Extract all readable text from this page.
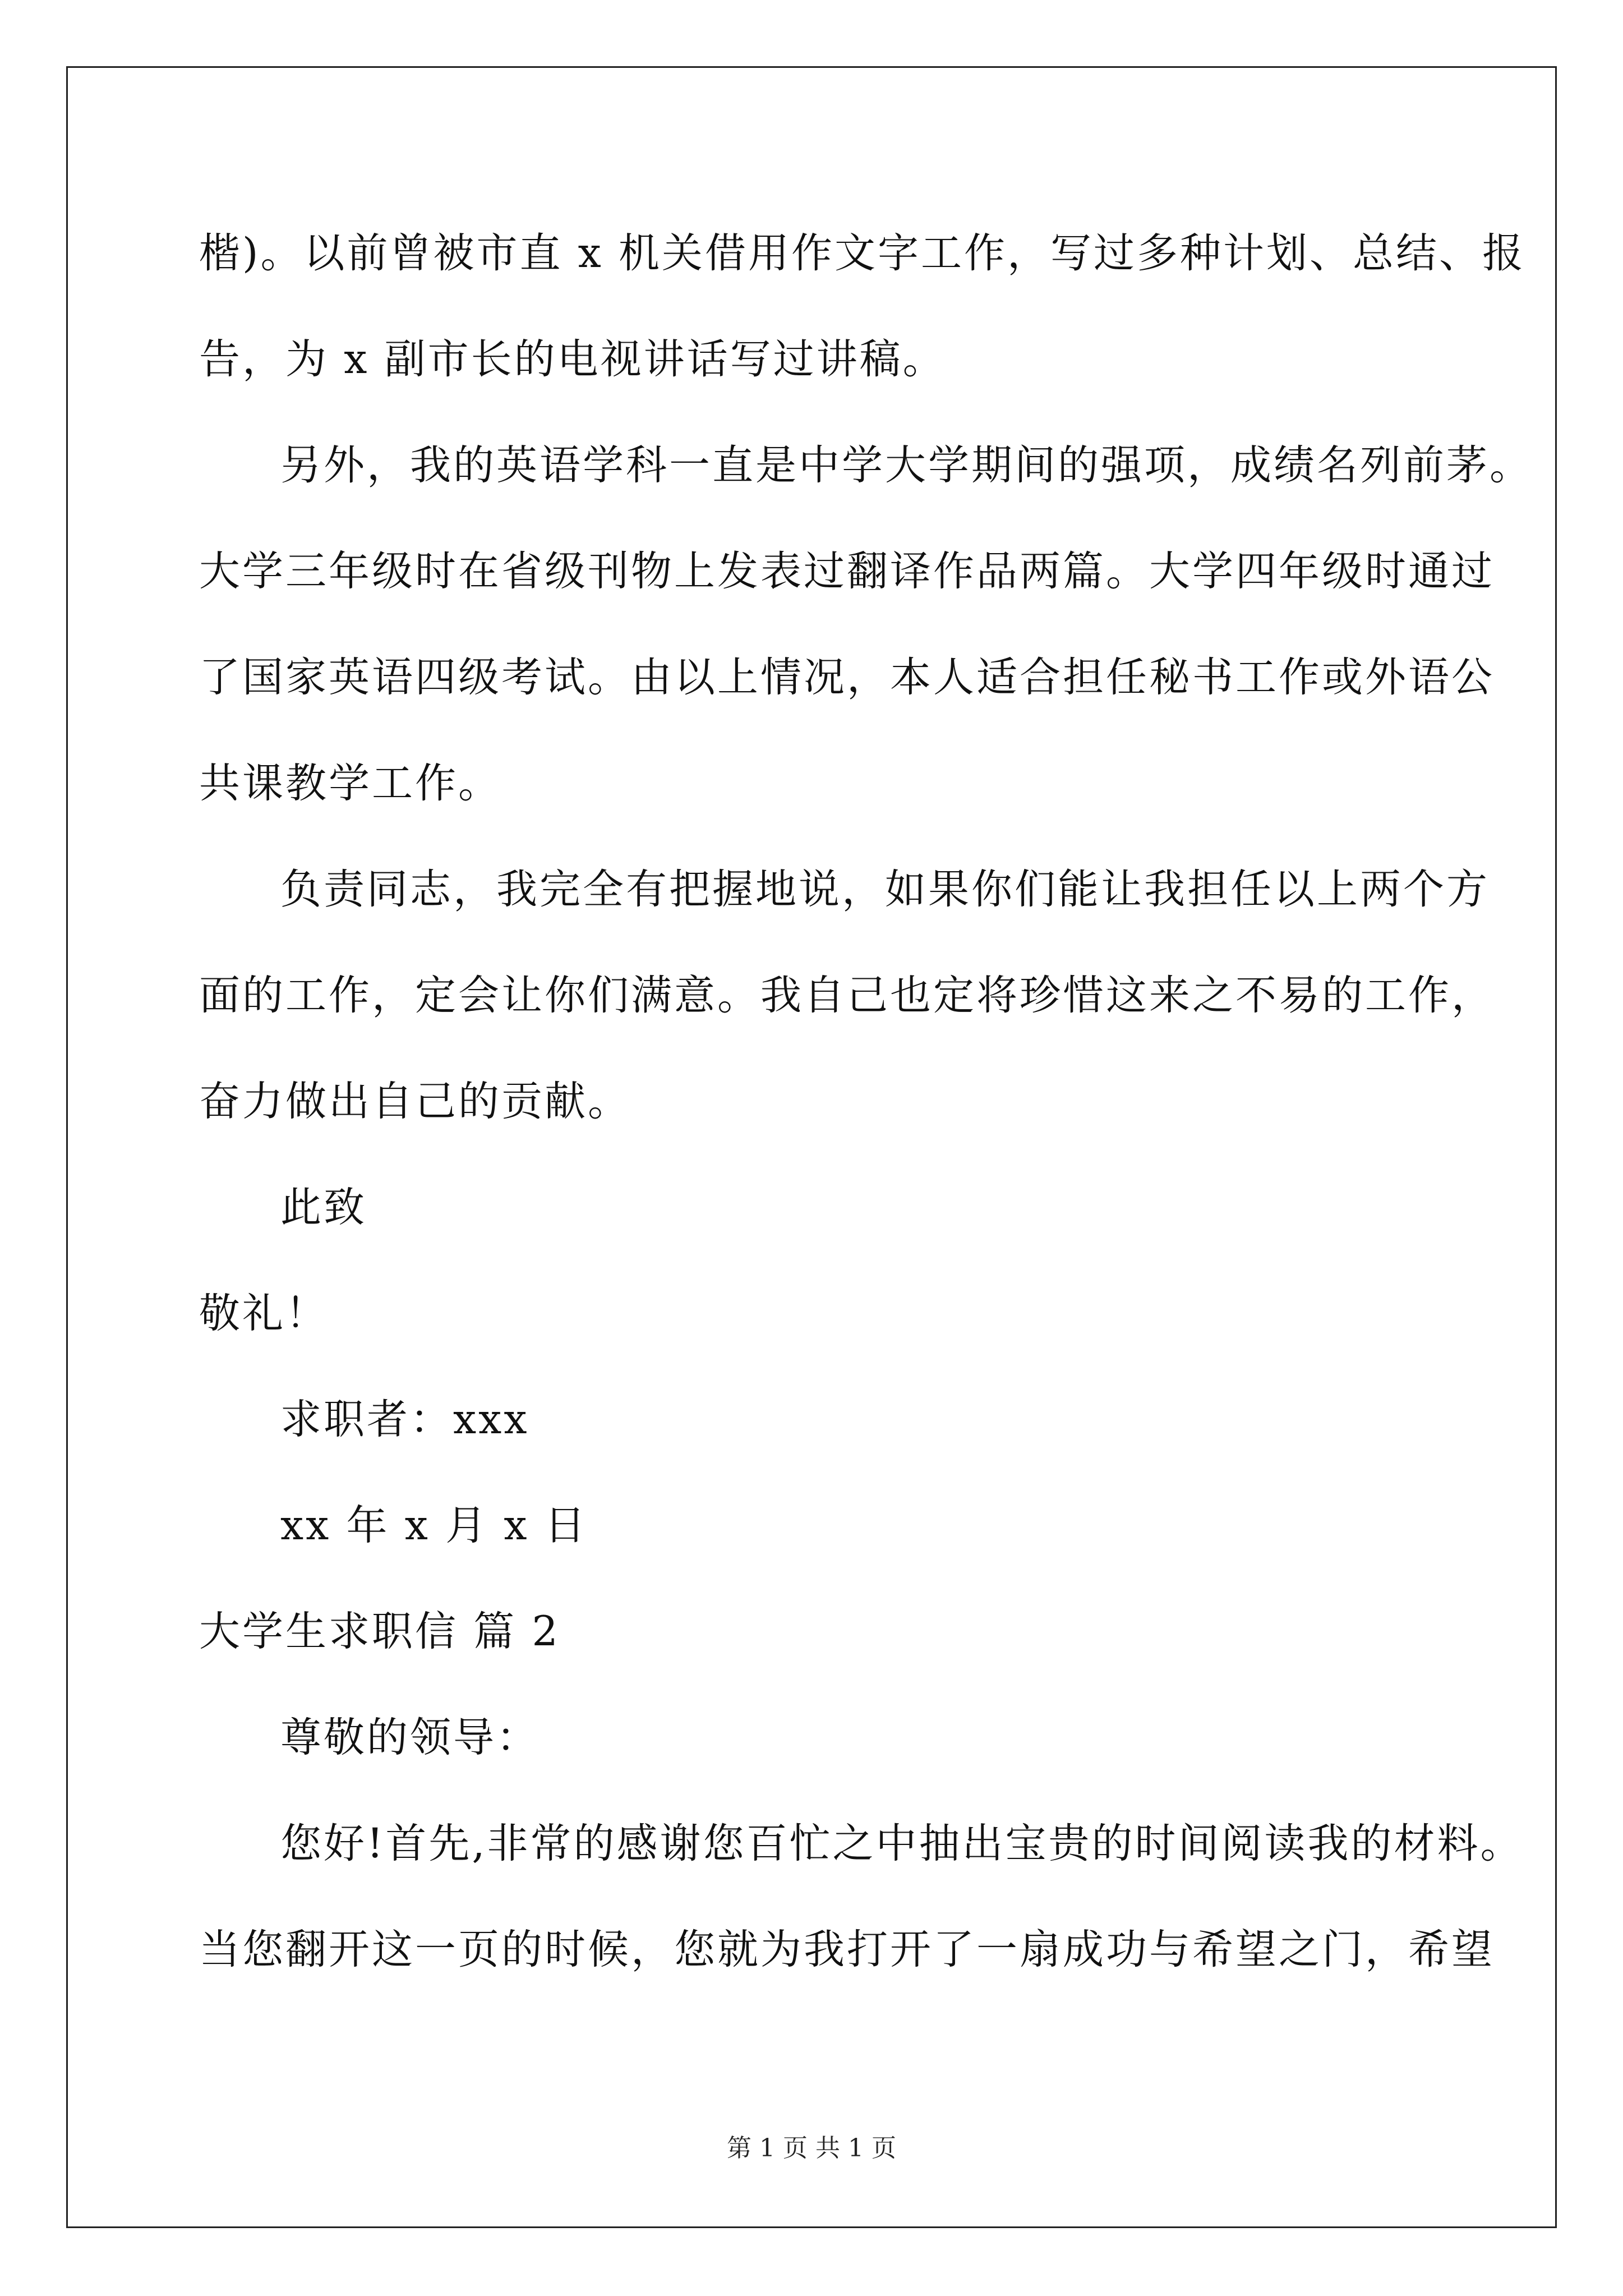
楷)。以前曾被市直 x 机关借用作文字工作，写过多种计划、总结、报

告，为 x 副市长的电视讲话写过讲稿。

另外，我的英语学科一直是中学大学期间的强项，成绩名列前茅。

大学三年级时在省级刊物上发表过翻译作品两篇。大学四年级时通过

了国家英语四级考试。由以上情况，本人适合担任秘书工作或外语公

共课教学工作。

负责同志，我完全有把握地说，如果你们能让我担任以上两个方

面的工作，定会让你们满意。我自己也定将珍惜这来之不易的工作，

奋力做出自己的贡献。

此致

敬礼！

求职者：xxx

xx 年 x 月 x 日

大学生求职信 篇 2

尊敬的领导：

您好!首先,非常的感谢您百忙之中抽出宝贵的时间阅读我的材料。

当您翻开这一页的时候，您就为我打开了一扇成功与希望之门，希望

第 1 页 共 1 页
